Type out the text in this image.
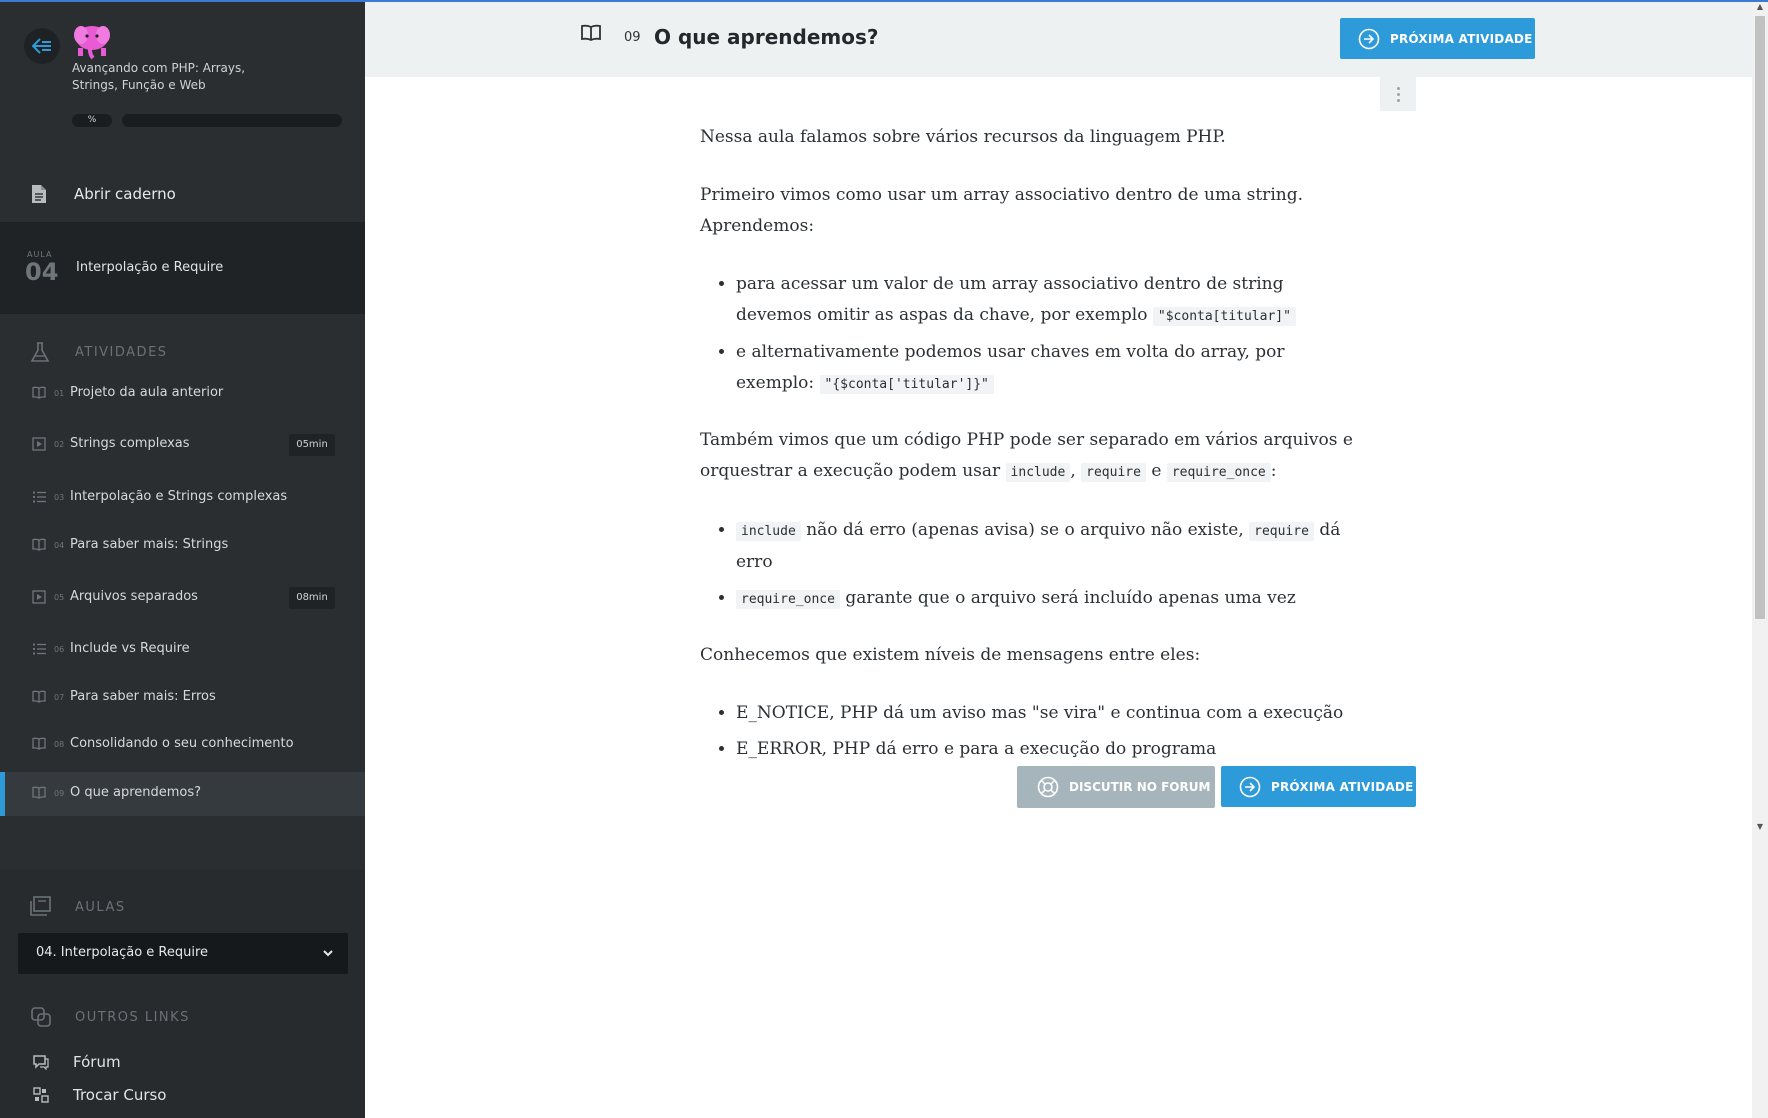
Avançando com PHP: Arrays, Strings, Função e Web
%
Abrir caderno
AULA
04 Interpolação e Require
ATIVIDADES
01 Projeto da aula anterior
02 Strings complexas	05min
03 Interpolação e Strings complexas
04 Para saber mais: Strings
05 Arquivos separados	08min
06 Include vs Require
07 Para saber mais: Erros
08 Consolidando o seu conhecimento
09 O que aprendemos?
AULAS
04. Interpolação e Require
OUTROS LINKS
Fórum
Trocar Curso
09 O que aprendemos?	PRÓXIMA ATIVIDADE

Nessa aula falamos sobre vários recursos da linguagem PHP.

Primeiro vimos como usar um array associativo dentro de uma string. Aprendemos:

• para acessar um valor de um array associativo dentro de string devemos omitir as aspas da chave, por exemplo "$conta[titular]"
• e alternativamente podemos usar chaves em volta do array, por exemplo: "{$conta['titular']}"

Também vimos que um código PHP pode ser separado em vários arquivos e orquestrar a execução podem usar include , require e require_once :

• include não dá erro (apenas avisa) se o arquivo não existe, require dá erro
• require_once garante que o arquivo será incluído apenas uma vez

Conhecemos que existem níveis de mensagens entre eles:

• E_NOTICE, PHP dá um aviso mas "se vira" e continua com a execução
• E_ERROR, PHP dá erro e para a execução do programa
DISCUTIR NO FORUM	PRÓXIMA ATIVIDADE
▲
▼
